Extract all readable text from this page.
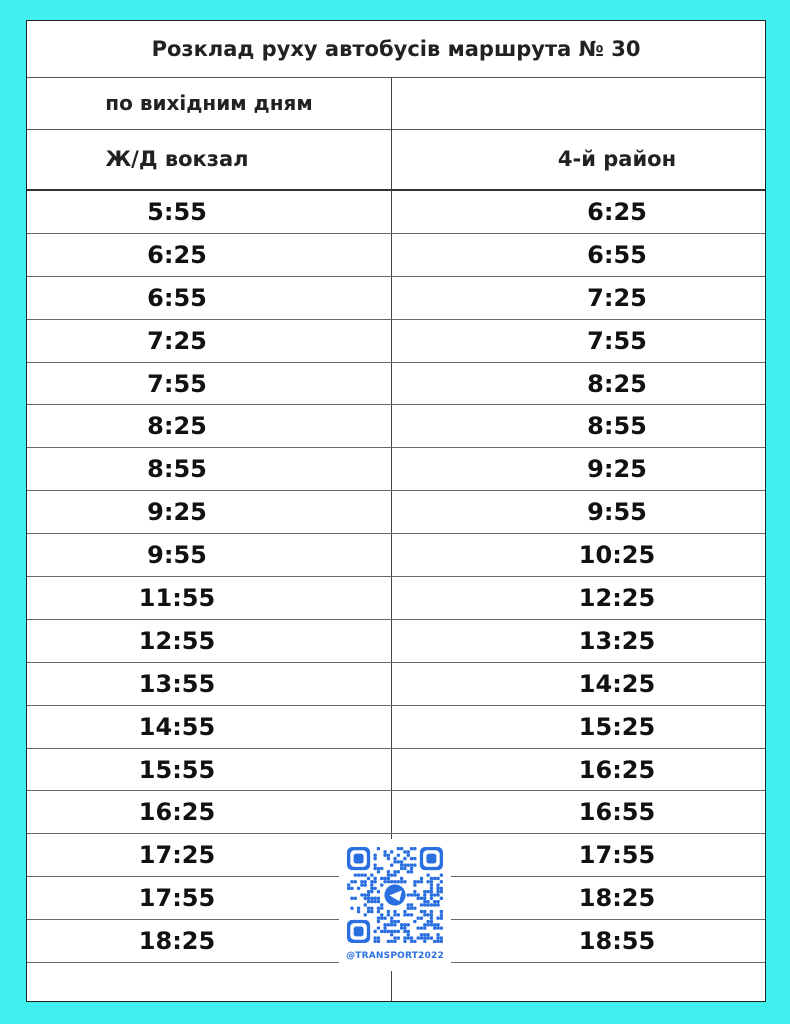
Розклад руху автобусів маршрута № 30
по вихідним дням
Ж/Д вокзал	4-й район
5:55	6:25
6:25	6:55
6:55	7:25
7:25	7:55
7:55	8:25
8:25	8:55
8:55	9:25
9:25	9:55
9:55	10:25
11:55	12:25
12:55	13:25
13:55	14:25
14:55	15:25
15:55	16:25
16:25	16:55
17:25	17:55
17:55	18:25
18:25	18:55
@TRANSPORT2022
